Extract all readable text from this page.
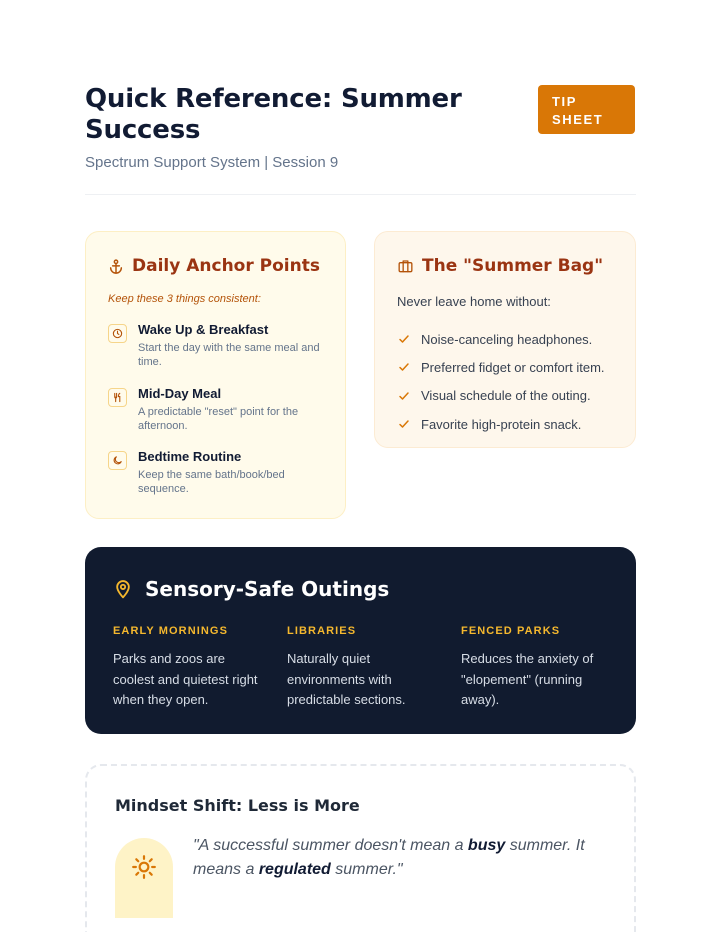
Quick Reference: Summer Success
Spectrum Support System | Session 9
TIP
SHEET
Daily Anchor Points
Keep these 3 things consistent:
Wake Up & Breakfast
Start the day with the same meal and time.
Mid-Day Meal
A predictable "reset" point for the afternoon.
Bedtime Routine
Keep the same bath/book/bed sequence.
The "Summer Bag"
Never leave home without:
Noise-canceling headphones.
Preferred fidget or comfort item.
Visual schedule of the outing.
Favorite high-protein snack.
Sensory-Safe Outings
EARLY MORNINGS
Parks and zoos are coolest and quietest right when they open.
LIBRARIES
Naturally quiet environments with predictable sections.
FENCED PARKS
Reduces the anxiety of "elopement" (running away).
Mindset Shift: Less is More

"A successful summer doesn't mean a busy summer. It means a regulated summer."
